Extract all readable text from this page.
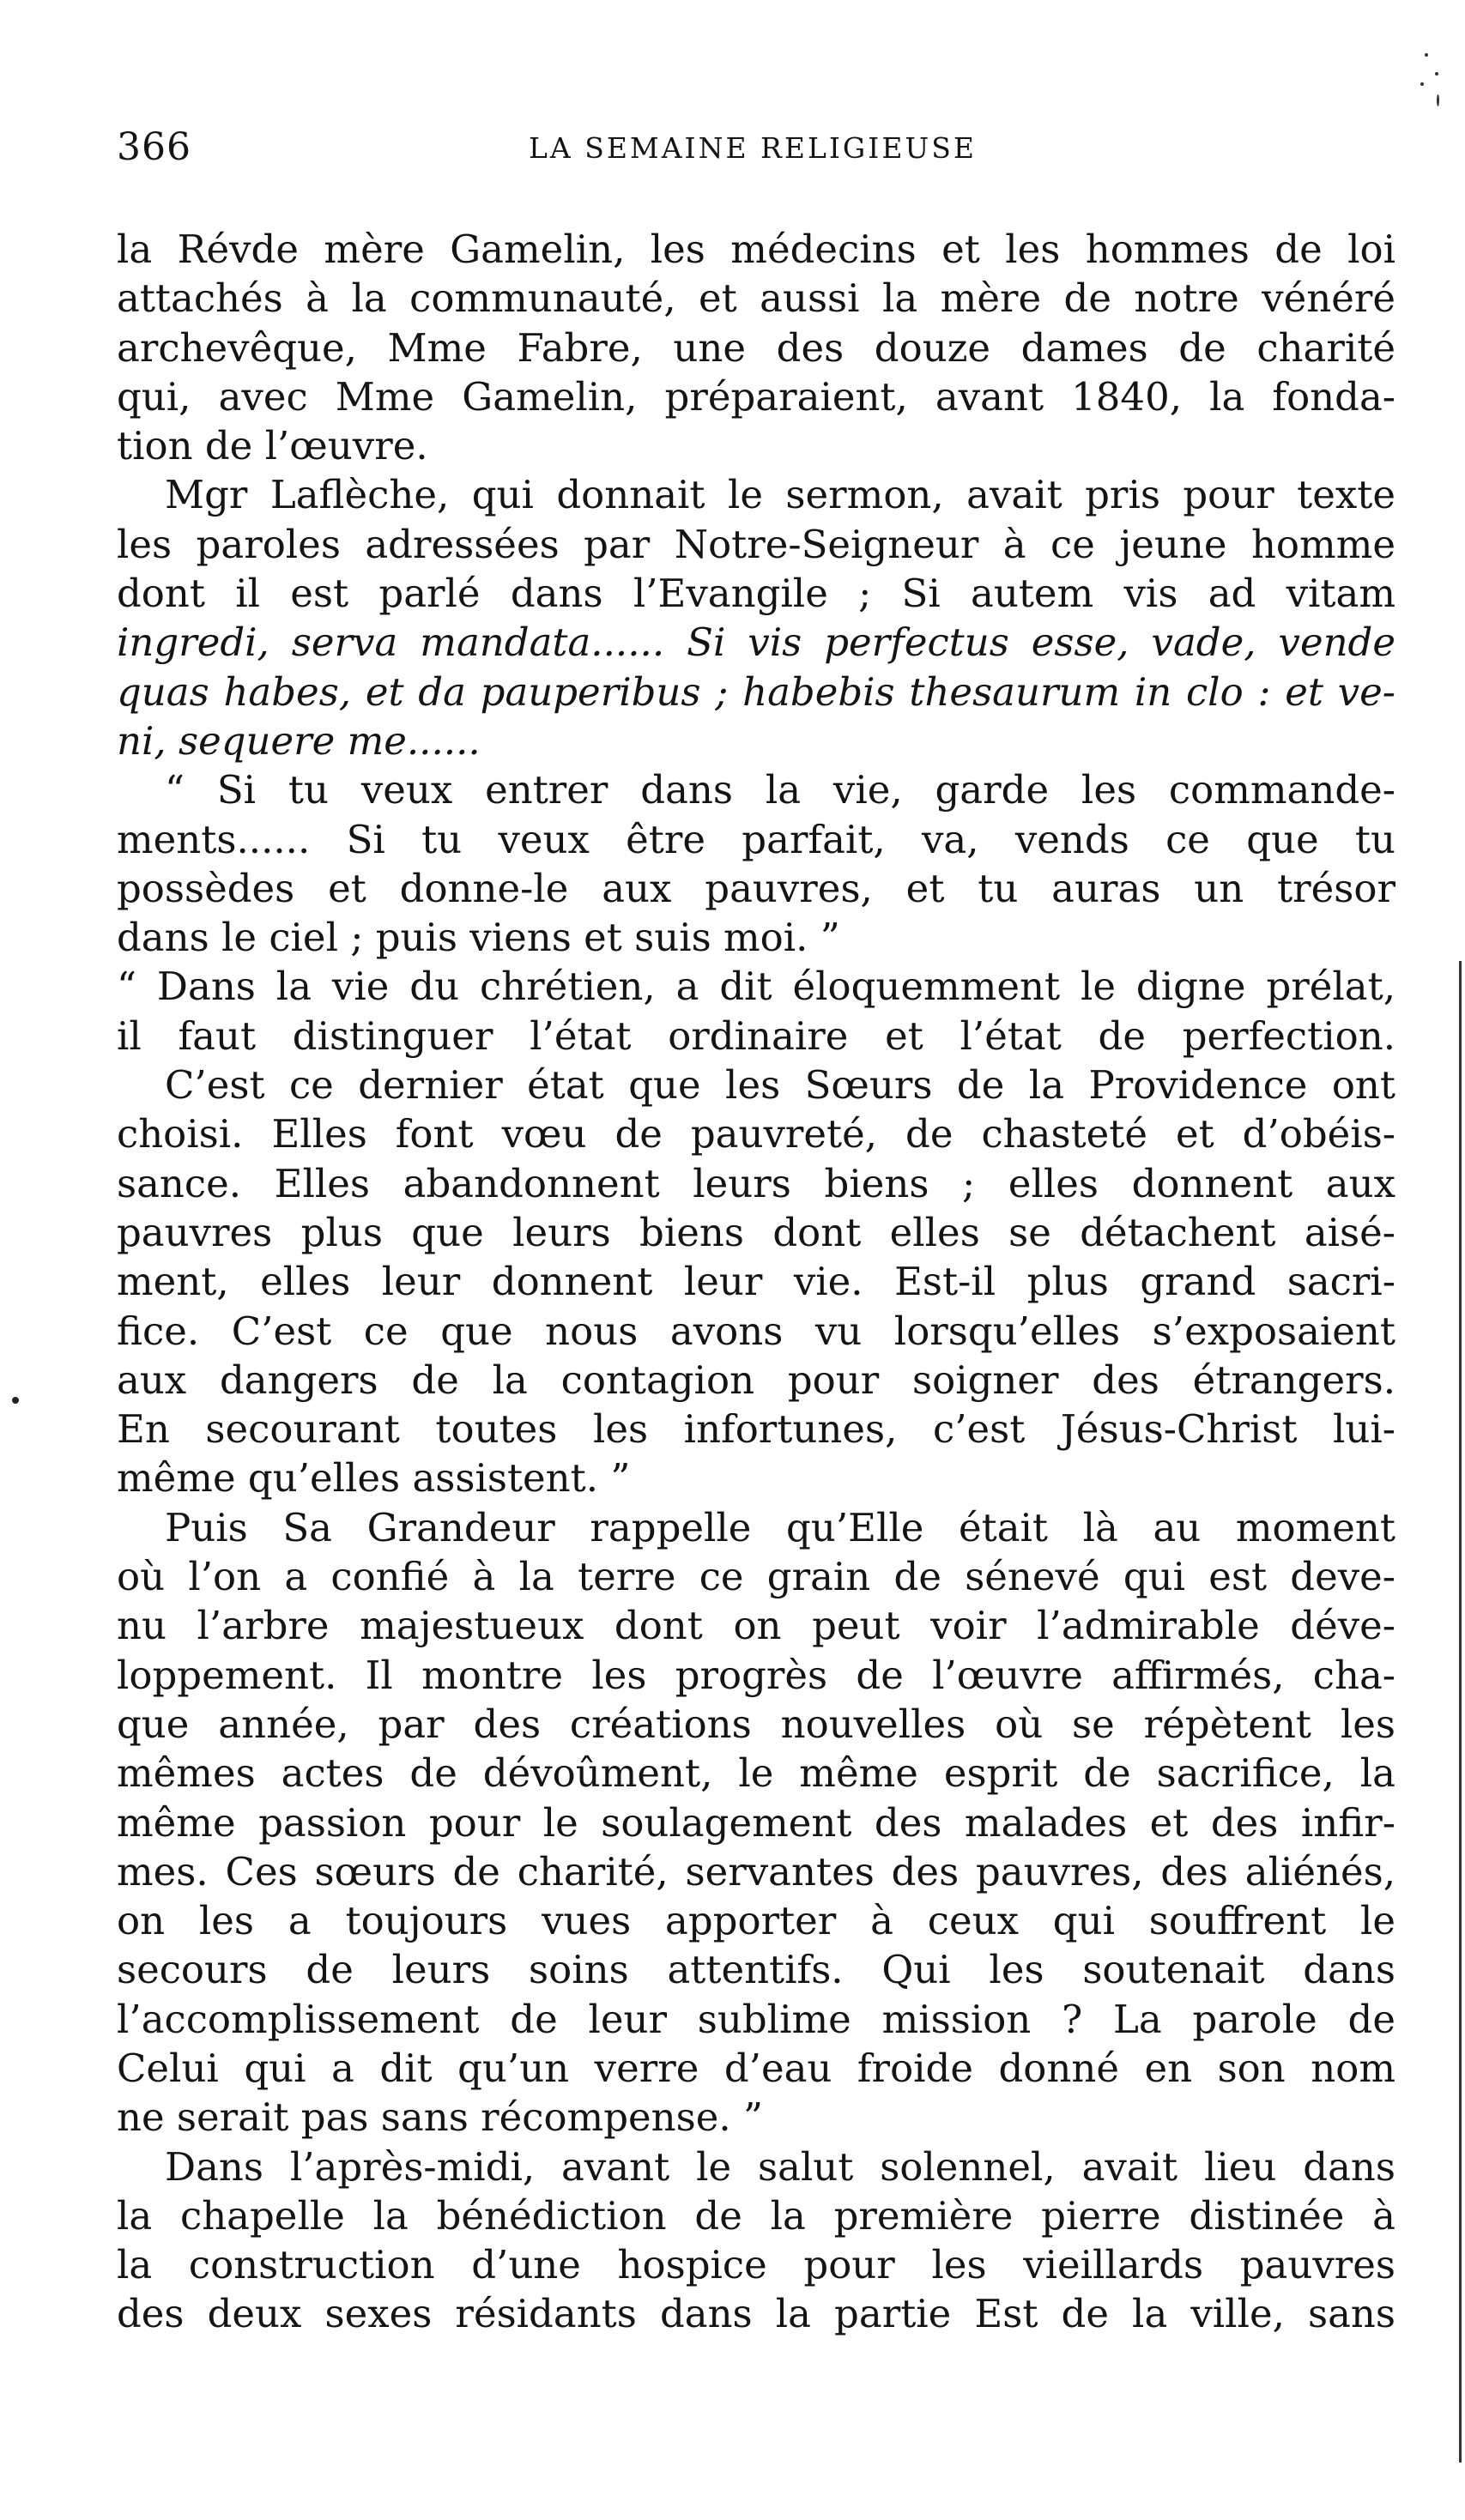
366	LA SEMAINE RELIGIEUSE
la Révde mère Gamelin, les médecins et les hommes de loi
attachés à la communauté, et aussi la mère de notre vénéré
archevêque, Mme Fabre, une des douze dames de charité
qui, avec Mme Gamelin, préparaient, avant 1840, la fonda-
tion de l’œuvre.
Mgr Laflèche, qui donnait le sermon, avait pris pour texte
les paroles adressées par Notre-Seigneur à ce jeune homme
dont il est parlé dans l’Evangile ; Si autem vis ad vitam
ingredi, serva mandata...... Si vis perfectus esse, vade, vende
quas habes, et da pauperibus ; habebis thesaurum in clo : et ve-
ni, sequere me......
“ Si tu veux entrer dans la vie, garde les commande-
ments...... Si tu veux être parfait, va, vends ce que tu
possèdes et donne-le aux pauvres, et tu auras un trésor
dans le ciel ; puis viens et suis moi. ”
“ Dans la vie du chrétien, a dit éloquemment le digne prélat,
il faut distinguer l’état ordinaire et l’état de perfection.
C’est ce dernier état que les Sœurs de la Providence ont
choisi. Elles font vœu de pauvreté, de chasteté et d’obéis-
sance. Elles abandonnent leurs biens ; elles donnent aux
pauvres plus que leurs biens dont elles se détachent aisé-
ment, elles leur donnent leur vie. Est-il plus grand sacri-
fice. C’est ce que nous avons vu lorsqu’elles s’exposaient
aux dangers de la contagion pour soigner des étrangers.
En secourant toutes les infortunes, c’est Jésus-Christ lui-
même qu’elles assistent. ”
Puis Sa Grandeur rappelle qu’Elle était là au moment
où l’on a confié à la terre ce grain de sénevé qui est deve-
nu l’arbre majestueux dont on peut voir l’admirable déve-
loppement. Il montre les progrès de l’œuvre affirmés, cha-
que année, par des créations nouvelles où se répètent les
mêmes actes de dévoûment, le même esprit de sacrifice, la
même passion pour le soulagement des malades et des infir-
mes. Ces sœurs de charité, servantes des pauvres, des aliénés,
on les a toujours vues apporter à ceux qui souffrent le
secours de leurs soins attentifs. Qui les soutenait dans
l’accomplissement de leur sublime mission ? La parole de
Celui qui a dit qu’un verre d’eau froide donné en son nom
ne serait pas sans récompense. ”
Dans l’après-midi, avant le salut solennel, avait lieu dans
la chapelle la bénédiction de la première pierre distinée à
la construction d’une hospice pour les vieillards pauvres
des deux sexes résidants dans la partie Est de la ville, sans
